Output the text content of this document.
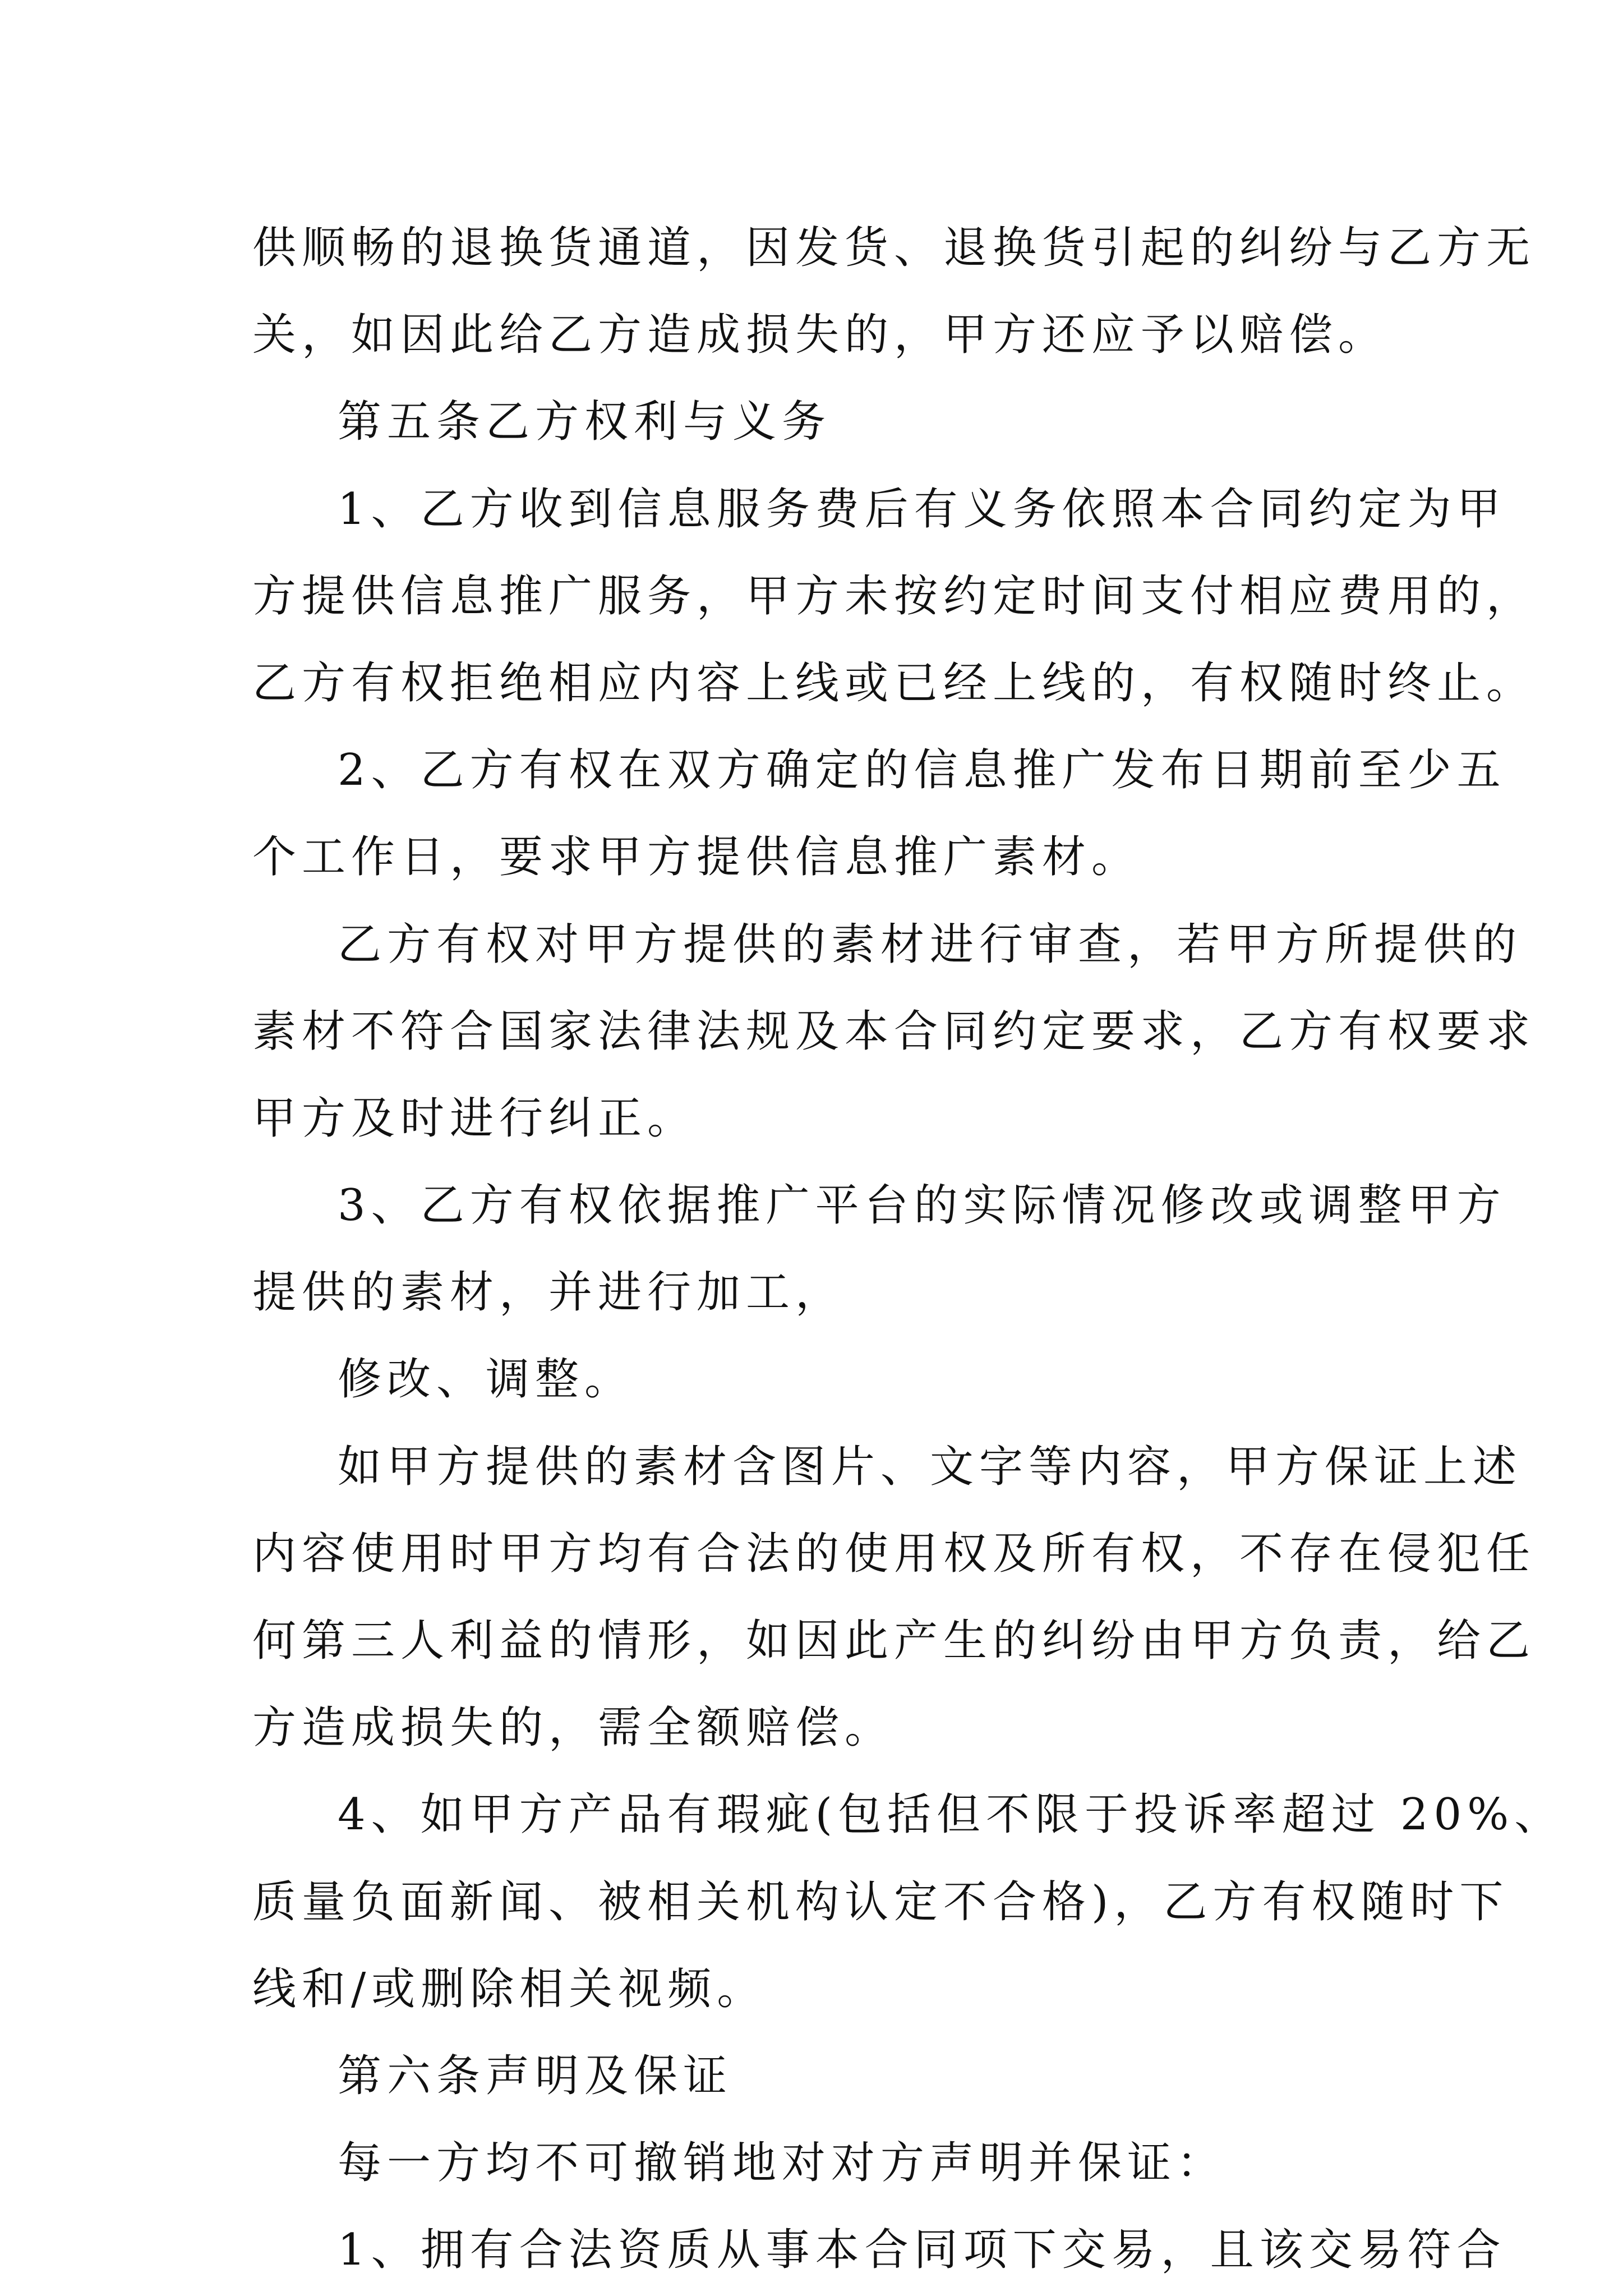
供顺畅的退换货通道，因发货、退换货引起的纠纷与乙方无
关，如因此给乙方造成损失的，甲方还应予以赔偿。
第五条乙方权利与义务
1、乙方收到信息服务费后有义务依照本合同约定为甲
方提供信息推广服务，甲方未按约定时间支付相应费用的，
乙方有权拒绝相应内容上线或已经上线的，有权随时终止。
2、乙方有权在双方确定的信息推广发布日期前至少五
个工作日，要求甲方提供信息推广素材。
乙方有权对甲方提供的素材进行审查，若甲方所提供的
素材不符合国家法律法规及本合同约定要求，乙方有权要求
甲方及时进行纠正。
3、乙方有权依据推广平台的实际情况修改或调整甲方
提供的素材，并进行加工，
修改、调整。
如甲方提供的素材含图片、文字等内容，甲方保证上述
内容使用时甲方均有合法的使用权及所有权，不存在侵犯任
何第三人利益的情形，如因此产生的纠纷由甲方负责，给乙
方造成损失的，需全额赔偿。
4、如甲方产品有瑕疵(包括但不限于投诉率超过 20%、
质量负面新闻、被相关机构认定不合格)，乙方有权随时下
线和/或删除相关视频。
第六条声明及保证
每一方均不可撤销地对对方声明并保证：
1、拥有合法资质从事本合同项下交易，且该交易符合
